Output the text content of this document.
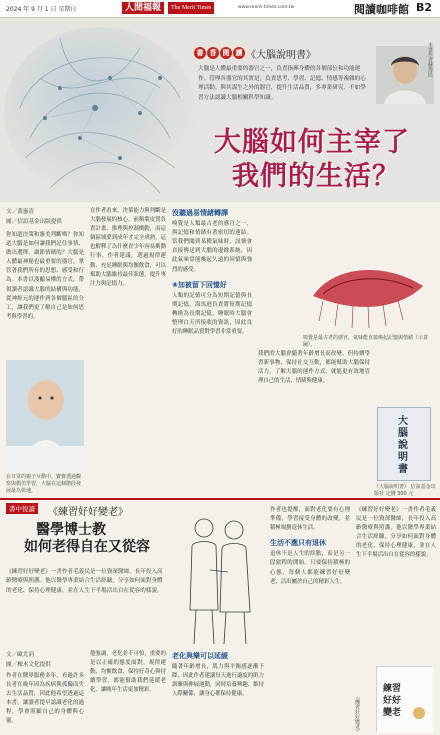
2024 年 9 月 1 日 星期日	人間福報	The Merit Times	www.merit-times.com.tw	閱讀咖啡館 B2
書 香 閱 讀 《大腦說明書》
大腦是人體最重要的器官之一，負責指揮身體的各個部位和功能運作。管理各器官的其實是，負責思考、學習、記憶、情感等複雜的心理活動。與其謀生之外的器官，提升生活品質，多專業研究、不如學習方法認識大腦相關科學知識。
本書作者蘇偉民
大腦如何主宰了
我們的生活？
文／黃惠清
圖／信誼基金出版提供

你知道決策和審美判斷嗎？你知道大腦是如何讓我們記住事情、做出選擇、調節情緒的？大腦是人體最神秘也最重要的器官，掌管著我們所有的思想、感受和行為。本書以淺顯易懂的方式，帶領讀者認識大腦的結構與功能，從神經元的運作到各個腦區的分工，讓我們更了解自己是如何思考與學習的。

在日常的親子互動中，寶寶透過觀察與模仿學習，大腦在這個階段發展最為快速。

在作者看來，決策能力與判斷是大腦發展的核心。前額葉皮質負責計畫、推理與控制衝動，而這個區域要到成年才完全成熟。這也解釋了為什麼青少年容易衝動行事。作者建議，透過規律運動、充足睡眠與均衡飲食，可以幫助大腦維持最佳狀態，提升專注力與記憶力。

沒聽過易情緒轉譯

嗅覺是人類最古老的感官之一，與記憶和情緒有著密切的連結。當我們聞到某種氣味時，訊號會直接傳送到大腦的邊緣系統，因此氣味常能喚起久遠的回憶與強烈的感受。

❀加被留下回憶好

人類的記憶可分為短期記憶與長期記憶，海馬迴負責將短期記憶轉換為長期記憶。睡眠時大腦會整理白天所接收的資訊，因此良好的睡眠品質對學習非常重要。

嗅覺是最古老的感官，氣味能直接喚起記憶與情緒（示意圖）。

我們的大腦會隨著年齡增長而改變，但持續學習新事物、保持社交互動，都能幫助大腦保持活力。了解大腦的運作方式，就能更有效地管理自己的生活、情緒與健康。

大腦說明書
《大腦說明書》 信誼基金出版社 定價 300 元
書中悅讀	《練習好好變老》
醫學博士教
如何老得自在又從容
《練習好好變老》一書作者毛義民是一位資深醫師，長年投入高齡醫療與照護。他以醫學專業結合生活經驗，分享如何面對身體的老化、保持心理健康，並在人生下半場活出自在從容的樣貌。
文／歐尤涓
圖／橡木文化提供

作者在醫界服務多年，看過許多長者在晚年因為疾病與孤獨而失去生活品質，因此他希望透過這本書，讓讀者提早認識老化的過程，學會照顧自己的身體與心靈。

他強調，老化並不可怕，重要的是以正確的態度面對。規律運動、均衡飲食、保持好奇心與持續學習，都能幫助我們延緩老化，讓晚年生活更加精彩。

老化與樂可以延緩

隨著年齡增長，肌力與平衡感逐漸下降，因此作者建議每天進行適度的肌力訓練與伸展運動，同時培養興趣、維持人際關係，讓身心都保持健康。

作者也提醒，面對老化要有心理準備，學習接受身體的改變，並積極規劃退休生活。

生活不應只有退休

退休不是人生的終點，而是另一段旅程的開始。只要保持積極的心態，每個人都能練習好好變老，活出屬於自己的精彩人生。

《練習好好變老》一書作者毛義民是一位資深醫師，長年投入高齡醫療與照護。他以醫學專業結合生活經驗，分享如何面對身體的老化、保持心理健康，並在人生下半場活出自在從容的樣貌。

練習
好好
變老
《練習好好變老》
